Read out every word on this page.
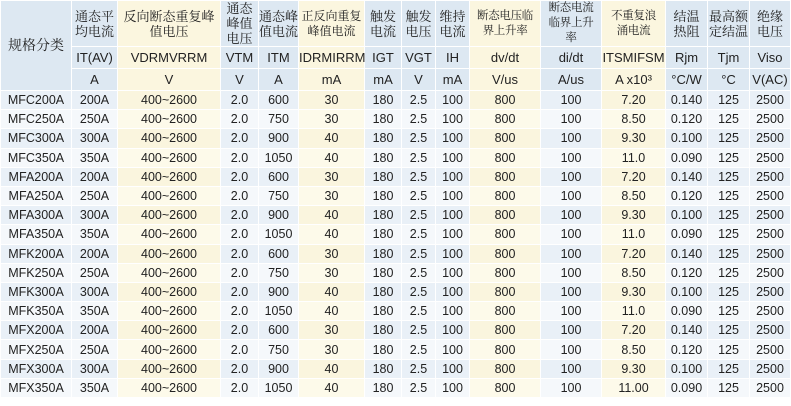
规格分类	通态平均电流	反向断态重复峰值电压	通态峰值电压	通态峰值电流	正反向重复峰值电流	触发电流	触发电压	维持电流	断态电压临界上升率	断态电流临界上升率	不重复浪涌电流	结温热阻	最高额定结温	绝缘电压
	IT(AV)	VDRMVRRM	VTM	ITM	IDRMIRRM	IGT	VGT	IH	dv/dt	di/dt	ITSMIFSM	Rjm	Tjm	Viso
	A	V	V	A	mA	mA	V	mA	V/us	A/us	A x10³	°C/W	°C	V(AC)
MFC200A	200A	400~2600	2.0	600	30	180	2.5	100	800	100	7.20	0.140	125	2500
MFC250A	250A	400~2600	2.0	750	30	180	2.5	100	800	100	8.50	0.120	125	2500
MFC300A	300A	400~2600	2.0	900	40	180	2.5	100	800	100	9.30	0.100	125	2500
MFC350A	350A	400~2600	2.0	1050	40	180	2.5	100	800	100	11.0	0.090	125	2500
MFA200A	200A	400~2600	2.0	600	30	180	2.5	100	800	100	7.20	0.140	125	2500
MFA250A	250A	400~2600	2.0	750	30	180	2.5	100	800	100	8.50	0.120	125	2500
MFA300A	300A	400~2600	2.0	900	40	180	2.5	100	800	100	9.30	0.100	125	2500
MFA350A	350A	400~2600	2.0	1050	40	180	2.5	100	800	100	11.0	0.090	125	2500
MFK200A	200A	400~2600	2.0	600	30	180	2.5	100	800	100	7.20	0.140	125	2500
MFK250A	250A	400~2600	2.0	750	30	180	2.5	100	800	100	8.50	0.120	125	2500
MFK300A	300A	400~2600	2.0	900	40	180	2.5	100	800	100	9.30	0.100	125	2500
MFK350A	350A	400~2600	2.0	1050	40	180	2.5	100	800	100	11.0	0.090	125	2500
MFX200A	200A	400~2600	2.0	600	30	180	2.5	100	800	100	7.20	0.140	125	2500
MFX250A	250A	400~2600	2.0	750	30	180	2.5	100	800	100	8.50	0.120	125	2500
MFX300A	300A	400~2600	2.0	900	40	180	2.5	100	800	100	9.30	0.100	125	2500
MFX350A	350A	400~2600	2.0	1050	40	180	2.5	100	800	100	11.00	0.090	125	2500
